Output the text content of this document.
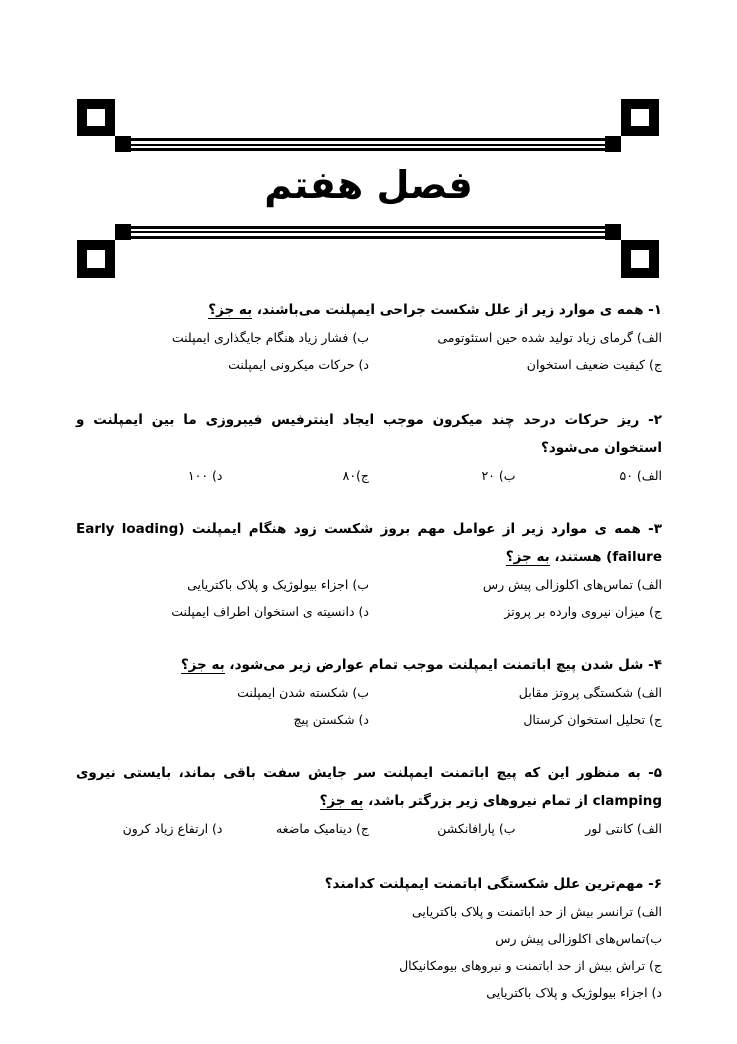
فصل هفتم
۱- همه ی موارد زیر از علل شکست جراحی ایمپلنت می‌باشند، به جز؟
الف) گرمای زیاد تولید شده حین استئوتومی
ب) فشار زیاد هنگام جایگذاری ایمپلنت
ج) کیفیت ضعیف استخوان
د) حرکات میکرونی ایمپلنت
۲- ریز حرکات درحد چند میکرون موجب ایجاد اینترفیس فیبروزی ما بین ایمپلنت و استخوان می‌شود؟
الف) ۵۰
ب) ۲۰
ج)۸۰
د) ۱۰۰
۳- همه ی موارد زیر از عوامل مهم بروز شکست زود هنگام ایمپلنت (Early loading failure) هستند، به جز؟
الف) تماس‌های اکلوزالی پیش رس
ب) اجزاء بیولوژیک و پلاک باکتریایی
ج) میزان نیروی وارده بر پروتز
د) دانسیته ی استخوان اطراف ایمپلنت
۴- شل شدن پیچ اباتمنت ایمپلنت موجب تمام عوارض زیر می‌شود، به جز؟
الف) شکستگی پروتز مقابل
ب) شکسته شدن ایمپلنت
ج) تحلیل استخوان کرستال
د) شکستن پیچ
۵- به منظور این که پیچ اباتمنت ایمپلنت سر جایش سفت باقی بماند، بایستی نیروی clamping از تمام نیروهای زیر بزرگتر باشد، به جز؟
الف) کانتی لور
ب) پارافانکشن
ج) دینامیک ماضغه
د) ارتفاع زیاد کرون
۶- مهم‌ترین علل شکستگی اباتمنت ایمپلنت کدامند؟
الف) ترانسر بیش از حد اباتمنت و پلاک باکتریایی
ب)تماس‌های اکلوزالی پیش رس
ج) تراش بیش از حد اباتمنت و نیروهای بیومکانیکال
د) اجزاء بیولوژیک و پلاک باکتریایی
